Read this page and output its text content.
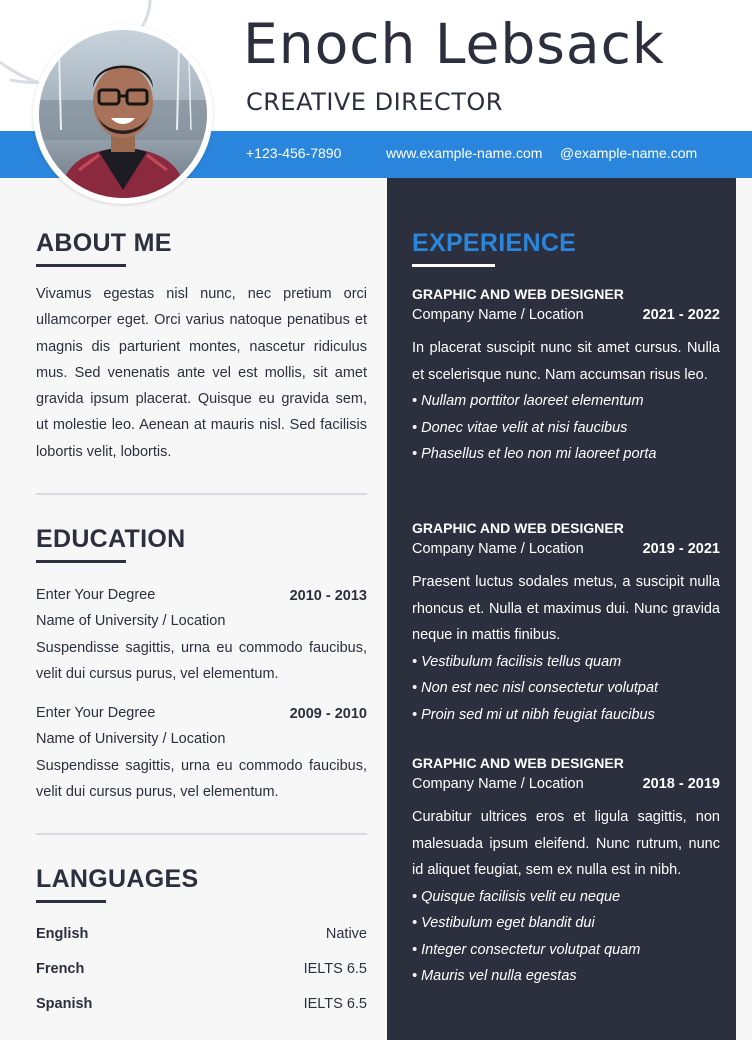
Enoch Lebsack
CREATIVE DIRECTOR
+123-456-7890	www.example-name.com @example-name.com
ABOUT ME
Vivamus egestas nisl nunc, nec pretium orci ullamcorper eget. Orci varius natoque penatibus et magnis dis parturient montes, nascetur ridiculus mus. Sed venenatis ante vel est mollis, sit amet gravida ipsum placerat. Quisque eu gravida sem, ut molestie leo. Aenean at mauris nisl. Sed facilisis lobortis velit, lobortis.
EDUCATION
Enter Your Degree	2010 - 2013
Name of University / Location
Suspendisse sagittis, urna eu commodo faucibus, velit dui cursus purus, vel elementum.
Enter Your Degree	2009 - 2010
Name of University / Location
Suspendisse sagittis, urna eu commodo faucibus, velit dui cursus purus, vel elementum.
LANGUAGES
English	Native
French	IELTS 6.5
Spanish	IELTS 6.5
EXPERIENCE
GRAPHIC AND WEB DESIGNER
Company Name / Location	2021 - 2022
In placerat suscipit nunc sit amet cursus. Nulla et scelerisque nunc. Nam accumsan risus leo.
• Nullam porttitor laoreet elementum
• Donec vitae velit at nisi faucibus
• Phasellus et leo non mi laoreet porta
GRAPHIC AND WEB DESIGNER
Company Name / Location	2019 - 2021
Praesent luctus sodales metus, a suscipit nulla rhoncus et. Nulla et maximus dui. Nunc gravida neque in mattis finibus.
• Vestibulum facilisis tellus quam
• Non est nec nisl consectetur volutpat
• Proin sed mi ut nibh feugiat faucibus
GRAPHIC AND WEB DESIGNER
Company Name / Location	2018 - 2019
Curabitur ultrices eros et ligula sagittis, non malesuada ipsum eleifend. Nunc rutrum, nunc id aliquet feugiat, sem ex nulla est in nibh.
• Quisque facilisis velit eu neque
• Vestibulum eget blandit dui
• Integer consectetur volutpat quam
• Mauris vel nulla egestas
